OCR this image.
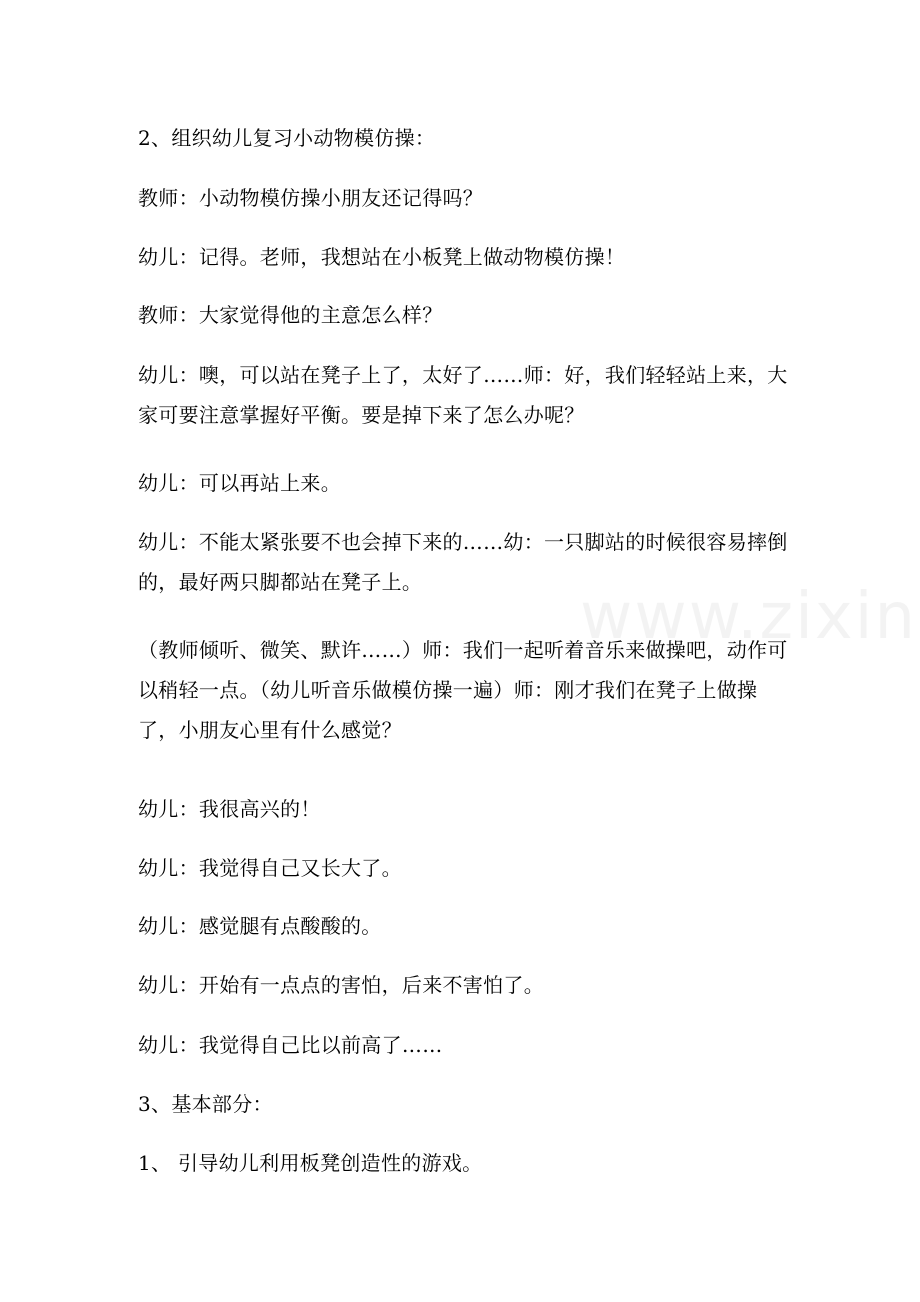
2、组织幼儿复习小动物模仿操：
教师：小动物模仿操小朋友还记得吗？
幼儿：记得。老师，我想站在小板凳上做动物模仿操！
教师：大家觉得他的主意怎么样？
幼儿：噢，可以站在凳子上了，太好了……师：好，我们轻轻站上来，大家可要注意掌握好平衡。要是掉下来了怎么办呢？
幼儿：可以再站上来。
幼儿：不能太紧张要不也会掉下来的……幼：一只脚站的时候很容易摔倒的，最好两只脚都站在凳子上。
（教师倾听、微笑、默许……）师：我们一起听着音乐来做操吧，动作可以稍轻一点。（幼儿听音乐做模仿操一遍）师：刚才我们在凳子上做操了，小朋友心里有什么感觉？
幼儿：我很高兴的！
幼儿：我觉得自己又长大了。
幼儿：感觉腿有点酸酸的。
幼儿：开始有一点点的害怕，后来不害怕了。
幼儿：我觉得自己比以前高了……
3、基本部分：
1、 引导幼儿利用板凳创造性的游戏。
